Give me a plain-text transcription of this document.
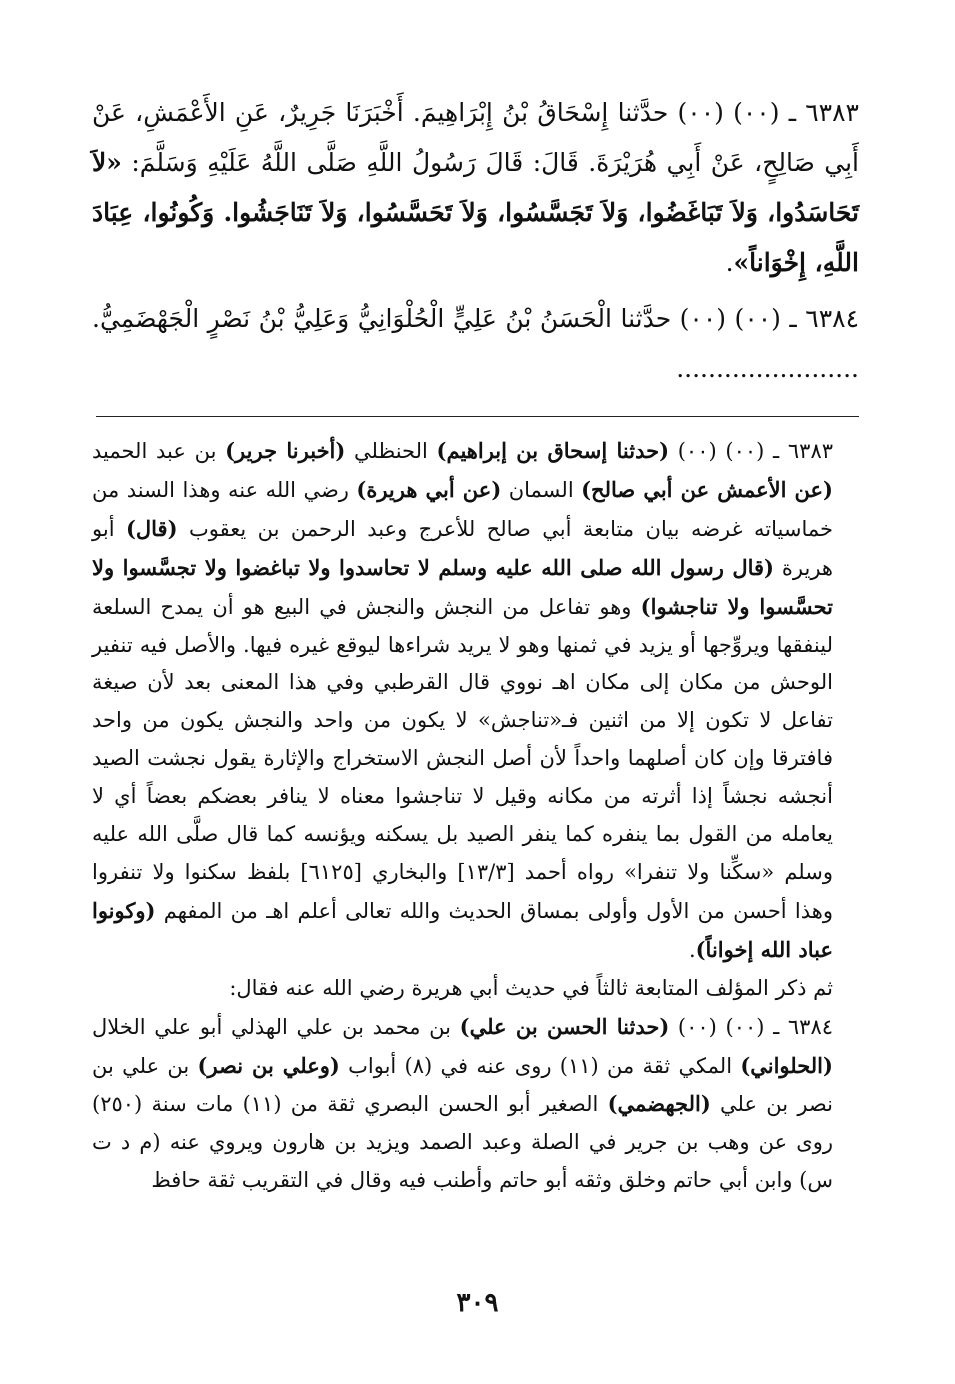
٦٣٨٣ ـ (٠٠) (٠٠) حدَّثنا إِسْحَاقُ بْنُ إِبْرَاهِيمَ. أَخْبَرَنَا جَرِيرٌ، عَنِ الأَعْمَشِ، عَنْ أَبِي صَالِحٍ، عَنْ أَبِي هُرَيْرَةَ. قَالَ: قَالَ رَسُولُ اللَّهِ صَلَّى اللَّهُ عَلَيْهِ وَسَلَّمَ: «لاَ تَحَاسَدُوا، وَلاَ تَبَاغَضُوا، وَلاَ تَجَسَّسُوا، وَلاَ تَحَسَّسُوا، وَلاَ تَنَاجَشُوا. وَكُونُوا، عِبَادَ اللَّهِ، إِخْوَاناً».

٦٣٨٤ ـ (٠٠) (٠٠) حدَّثنا الْحَسَنُ بْنُ عَلِيٍّ الْحُلْوَانِيُّ وَعَلِيُّ بْنُ نَصْرٍ الْجَهْضَمِيُّ. .......................

٦٣٨٣ ـ (٠٠) (٠٠) (حدثنا إسحاق بن إبراهيم) الحنظلي (أخبرنا جرير) بن عبد الحميد (عن الأعمش عن أبي صالح) السمان (عن أبي هريرة) رضي الله عنه وهذا السند من خماسياته غرضه بيان متابعة أبي صالح للأعرج وعبد الرحمن بن يعقوب (قال) أبو هريرة (قال رسول الله صلى الله عليه وسلم لا تحاسدوا ولا تباغضوا ولا تجسَّسوا ولا تحسَّسوا ولا تناجشوا) وهو تفاعل من النجش والنجش في البيع هو أن يمدح السلعة لينفقها ويروِّجها أو يزيد في ثمنها وهو لا يريد شراءها ليوقع غيره فيها. والأصل فيه تنفير الوحش من مكان إلى مكان اهـ نووي قال القرطبي وفي هذا المعنى بعد لأن صيغة تفاعل لا تكون إلا من اثنين فـ«تناجش» لا يكون من واحد والنجش يكون من واحد فافترقا وإن كان أصلهما واحداً لأن أصل النجش الاستخراج والإثارة يقول نجشت الصيد أنجشه نجشاً إذا أثرته من مكانه وقيل لا تناجشوا معناه لا ينافر بعضكم بعضاً أي لا يعامله من القول بما ينفره كما ينفر الصيد بل يسكنه ويؤنسه كما قال صلَّى الله عليه وسلم «سكِّنا ولا تنفرا» رواه أحمد [١٣/٣] والبخاري [٦١٢٥] بلفظ سكنوا ولا تنفروا وهذا أحسن من الأول وأولى بمساق الحديث والله تعالى أعلم اهـ من المفهم (وكونوا عباد الله إخواناً).

ثم ذكر المؤلف المتابعة ثالثاً في حديث أبي هريرة رضي الله عنه فقال:

٦٣٨٤ ـ (٠٠) (٠٠) (حدثنا الحسن بن علي) بن محمد بن علي الهذلي أبو علي الخلال (الحلواني) المكي ثقة من (١١) روى عنه في (٨) أبواب (وعلي بن نصر) بن علي بن نصر بن علي (الجهضمي) الصغير أبو الحسن البصري ثقة من (١١) مات سنة (٢٥٠) روى عن وهب بن جرير في الصلة وعبد الصمد ويزيد بن هارون ويروي عنه (م د ت س) وابن أبي حاتم وخلق وثقه أبو حاتم وأطنب فيه وقال في التقريب ثقة حافظ

٣٠٩
